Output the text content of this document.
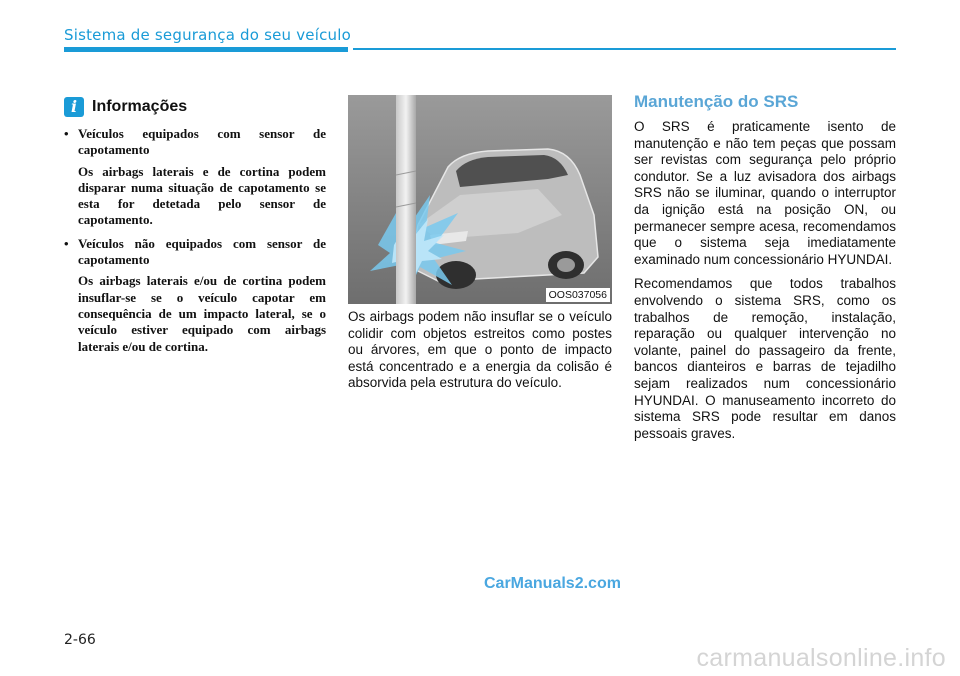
Sistema de segurança do seu veículo
i Informações
• Veículos equipados com sensor de capotamento
Os airbags laterais e de cortina podem disparar numa situação de capotamento se esta for detetada pelo sensor de capotamento.
• Veículos não equipados com sensor de capotamento
Os airbags laterais e/ou de cortina podem insuflar-se se o veículo capotar em consequência de um impacto lateral, se o veículo estiver equipado com airbags laterais e/ou de cortina.
OOS037056
Os airbags podem não insuflar se o veículo colidir com objetos estreitos como postes ou árvores, em que o ponto de impacto está concentrado e a energia da colisão é absorvida pela estrutura do veículo.
Manutenção do SRS

O SRS é praticamente isento de manutenção e não tem peças que possam ser revistas com segurança pelo próprio condutor. Se a luz avisadora dos airbags SRS não se iluminar, quando o interruptor da ignição está na posição ON, ou permanecer sempre acesa, recomendamos que o sistema seja imediatamente examinado num concessionário HYUNDAI.

Recomendamos que todos trabalhos envolvendo o sistema SRS, como os trabalhos de remoção, instalação, reparação ou qualquer intervenção no volante, painel do passageiro da frente, bancos dianteiros e barras de tejadilho sejam realizados num concessionário HYUNDAI. O manuseamento incorreto do sistema SRS pode resultar em danos pessoais graves.

CarManuals2.com
2-66
carmanualsonline.info
